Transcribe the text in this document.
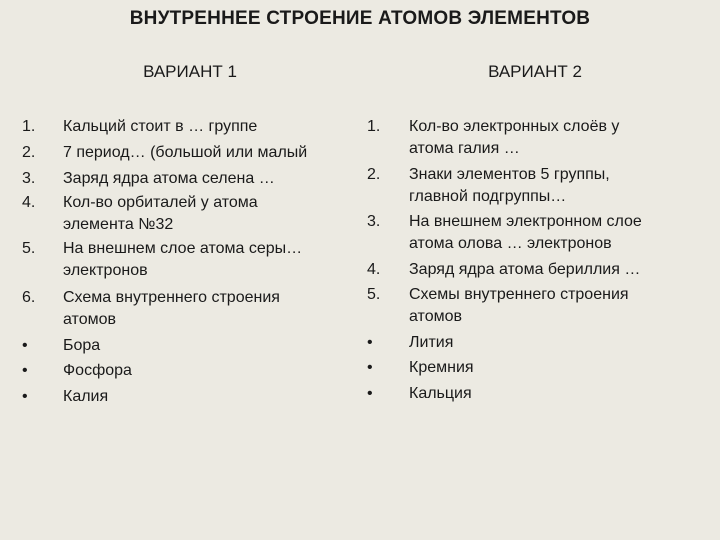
ВНУТРЕННЕЕ СТРОЕНИЕ АТОМОВ ЭЛЕМЕНТОВ
ВАРИАНТ 1	ВАРИАНТ 2
1.	Кальций стоит в … группе
2.	7 период… (большой или малый
3.	Заряд ядра атома селена …
4.	Кол-во орбиталей у атома
элемента №32
5.	На внешнем слое атома серы…
электронов
6.	Схема внутреннего строения
атомов
•	Бора
•	Фосфора
•	Калия
1.	Кол-во электронных слоёв у
атома галия …
2.	Знаки элементов 5 группы,
главной подгруппы…
3.	На внешнем электронном слое
атома олова … электронов
4.	Заряд ядра атома бериллия …
5.	Схемы внутреннего строения
атомов
•	Лития
•	Кремния
•	Кальция
